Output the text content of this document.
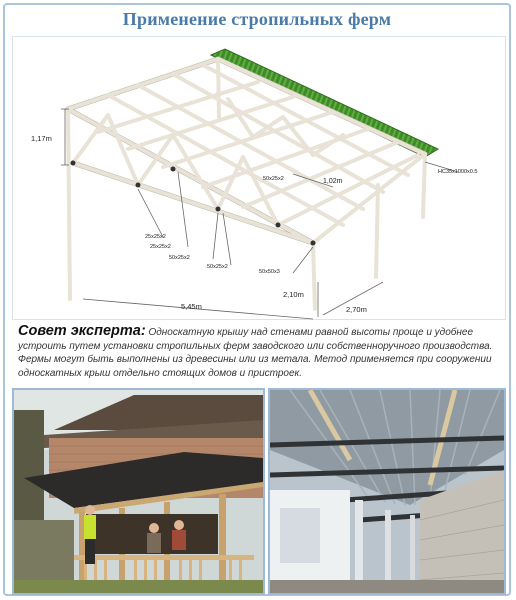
Применение стропильных ферм
1,17m
1,02m
HC35x1000x0.5
50x25x2
25x25x2
25x25x2
50x25x2
50x25x2
50x50x3
5,45m
2,10m
2,70m
Совет эксперта: Односкатную крышу над стенами равной высоты проще и удобнее устроить путем установки стропильных ферм заводского или собственноручного производства. Фермы могут быть выполнены из древесины или из метала. Метод применяется при сооружении односкатных крыш отдельно стоящих домов и пристроек.
